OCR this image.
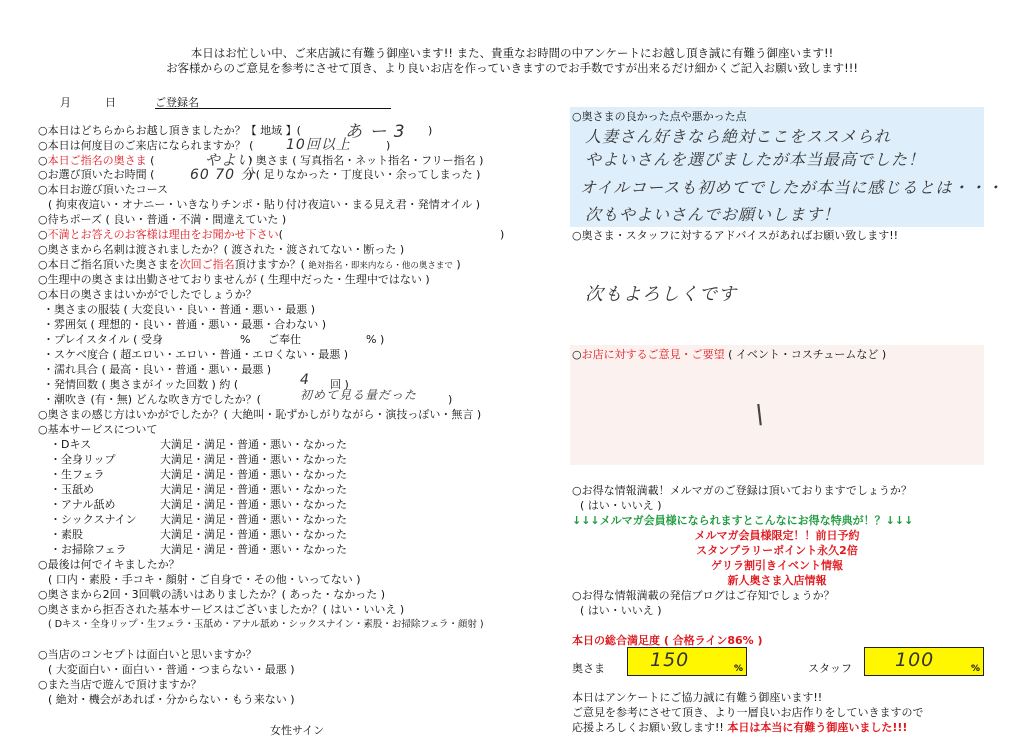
本日はお忙しい中、ご来店誠に有難う御座います!! また、貴重なお時間の中アンケートにお越し頂き誠に有難う御座います!!
お客様からのご意見を参考にさせて頂き、より良いお店を作っていきますのでお手数ですが出来るだけ細かくご記入お願い致します!!!
月	日	ご登録名
○本日はどちらからお越し頂きましたか？【 地域 】(	あ ー 3 )
○本日は何度目のご来店になられますか？ ( 10回以上	)
○本日ご指名の奥さま (	やよい
) 奥さま ( 写真指名・ネット指名・フリー指名 )
○お選び頂いたお時間 (	60 70 分
) ( 足りなかった・丁度良い・余ってしまった )
○本日お遊び頂いたコース
( 拘束夜這い・オナニー・いきなりチンポ・貼り付け夜這い・まる見え君・発情オイル )
○待ちポーズ ( 良い・普通・不満・間違えていた )
○不満とお答えのお客様は理由をお聞かせ下さい(	)
○奥さまから名刺は渡されましたか？( 渡された・渡されてない・断った )
○本日ご指名頂いた奥さまを次回ご指名頂けますか？( 絶対指名・即来内なら・他の奥さまで )
○生理中の奥さまは出勤させておりませんが ( 生理中だった・生理中ではない )
○本日の奥さまはいかがでしたでしょうか？
・奥さまの服装 ( 大変良い・良い・普通・悪い・最悪 )
・雰囲気 ( 理想的・良い・普通・悪い・最悪・合わない )
・プレイスタイル ( 受身	% ご奉仕	% )
・スケベ度合 ( 超エロい・エロい・普通・エロくない・最悪 )
・濡れ具合 ( 最高・良い・普通・悪い・最悪 )
・発情回数 ( 奥さまがイッた回数 ) 約 (	4 回 )
・潮吹き (有・無) どんな吹き方でしたか？(	初めて見る量だった	)
○奥さまの感じ方はいかがでしたか？( 大絶叫・恥ずかしがりながら・演技っぽい・無言 )
○基本サービスについて
・Dキス	大満足・満足・普通・悪い・なかった
・全身リップ	大満足・満足・普通・悪い・なかった
・生フェラ	大満足・満足・普通・悪い・なかった
・玉舐め	大満足・満足・普通・悪い・なかった
・アナル舐め	大満足・満足・普通・悪い・なかった
・シックスナイン 大満足・満足・普通・悪い・なかった
・素股	大満足・満足・普通・悪い・なかった
・お掃除フェラ	大満足・満足・普通・悪い・なかった
○最後は何でイキましたか？
( 口内・素股・手コキ・顔射・ご自身で・その他・いってない )
○奥さまから2回・3回戦の誘いはありましたか？( あった・なかった )
○奥さまから拒否された基本サービスはございましたか？( はい・いいえ )
( Dキス・全身リップ・生フェラ・玉舐め・アナル舐め・シックスナイン・素股・お掃除フェラ・顔射 )
○当店のコンセプトは面白いと思いますか？
( 大変面白い・面白い・普通・つまらない・最悪 )
○また当店で遊んで頂けますか？
( 絶対・機会があれば・分からない・もう来ない )
女性サイン
○奥さまの良かった点や悪かった点
人妻さん好きなら絶対ここをススメられ
やよいさんを選びましたが本当最高でした！
オイルコースも初めてでしたが本当に感じるとは・・・
次もやよいさんでお願いします！
○奥さま・スタッフに対するアドバイスがあればお願い致します!!
次もよろしくです
○お店に対するご意見・ご要望 ( イベント・コスチュームなど )
\
○お得な情報満載！メルマガのご登録は頂いておりますでしょうか？
( はい・いいえ )
↓↓↓メルマガ会員様になられますとこんなにお得な特典が！？↓↓↓
メルマガ会員様限定！！前日予約
スタンプラリーポイント永久2倍
ゲリラ割引きイベント情報
新人奥さま入店情報
○お得な情報満載の発信ブログはご存知でしょうか？
( はい・いいえ )
本日の総合満足度 ( 合格ライン86% )
奥さま 150	%	スタッフ 100	%
本日はアンケートにご協力誠に有難う御座います!!
ご意見を参考にさせて頂き、より一層良いお店作りをしていきますので
応援よろしくお願い致します!! 本日は本当に有難う御座いました!!!
